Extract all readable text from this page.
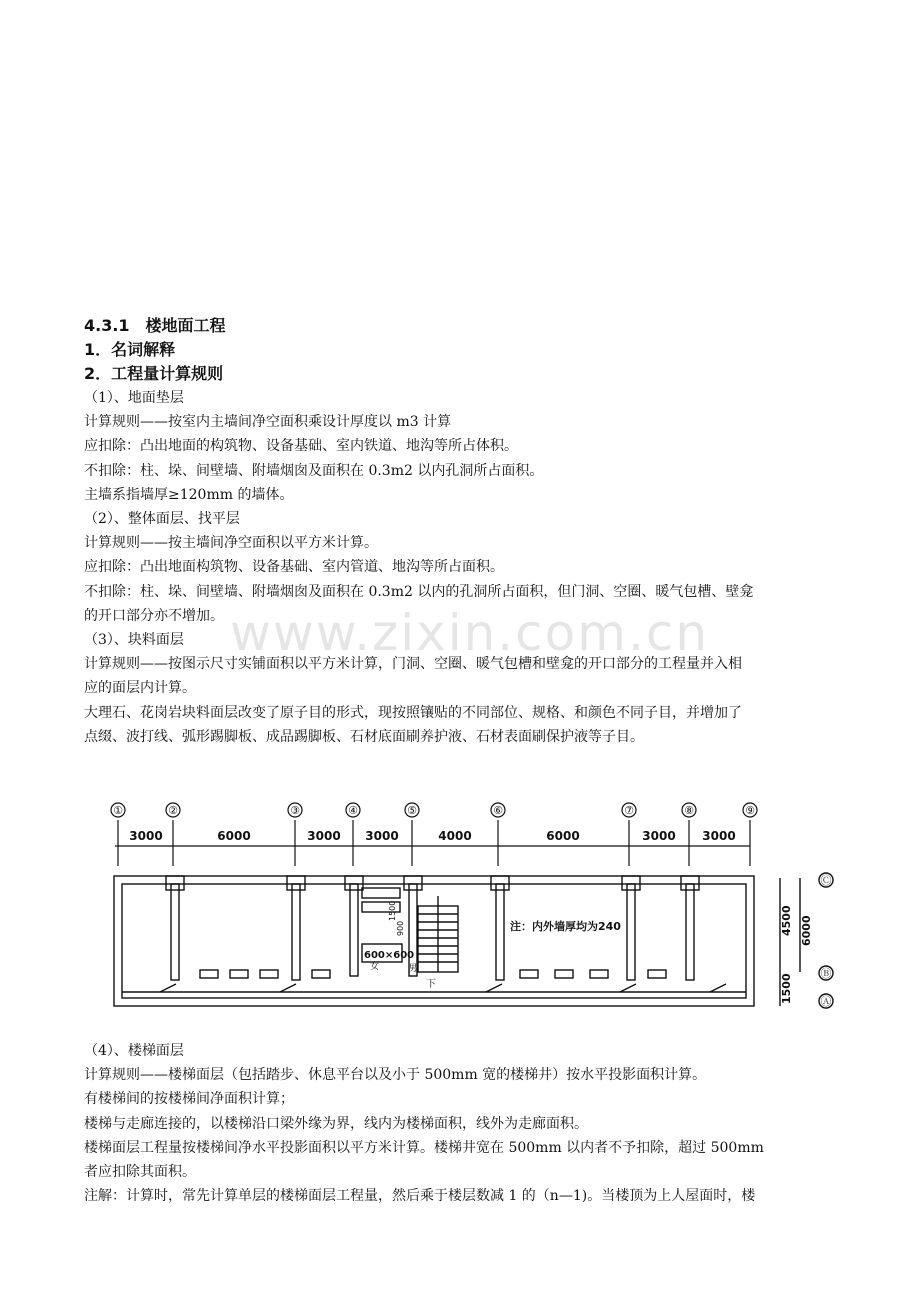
www.zixin.com.cn
4.3.1　楼地面工程
1．名词解释
2．工程量计算规则

（1）、地面垫层

计算规则——按室内主墙间净空面积乘设计厚度以 m3 计算

应扣除：凸出地面的构筑物、设备基础、室内铁道、地沟等所占体积。

不扣除：柱、垛、间壁墙、附墙烟囱及面积在 0.3m2 以内孔洞所占面积。

主墙系指墙厚≥120mm 的墙体。

（2）、整体面层、找平层

计算规则——按主墙间净空面积以平方米计算。

应扣除：凸出地面构筑物、设备基础、室内管道、地沟等所占面积。

不扣除：柱、垛、间壁墙、附墙烟囱及面积在 0.3m2 以内的孔洞所占面积，但门洞、空圈、暖气包槽、壁龛

的开口部分亦不增加。

（3）、块料面层

计算规则——按图示尺寸实铺面积以平方米计算，门洞、空圈、暖气包槽和壁龛的开口部分的工程量并入相

应的面层内计算。

大理石、花岗岩块料面层改变了原子目的形式，现按照镶贴的不同部位、规格、和颜色不同子目，并增加了

点缀、波打线、弧形踢脚板、成品踢脚板、石材底面刷养护液、石材表面刷保护液等子目。

①	②	③	④	⑤	⑥	⑦	⑧	⑨
3000	6000	3000 3000	4000	6000	3000 3000
男
女
600×600
1500
900
下
注：内外墙厚均为240
Ⓒ
Ⓑ
Ⓐ
4500 6000
1500

（4）、楼梯面层

计算规则——楼梯面层（包括踏步、休息平台以及小于 500mm 宽的楼梯井）按水平投影面积计算。

有楼梯间的按楼梯间净面积计算；

楼梯与走廊连接的，以楼梯沿口梁外缘为界，线内为楼梯面积，线外为走廊面积。

楼梯面层工程量按楼梯间净水平投影面积以平方米计算。楼梯井宽在 500mm 以内者不予扣除，超过 500mm

者应扣除其面积。

注解：计算时，常先计算单层的楼梯面层工程量，然后乘于楼层数减 1 的（n—1)。当楼顶为上人屋面时，楼
